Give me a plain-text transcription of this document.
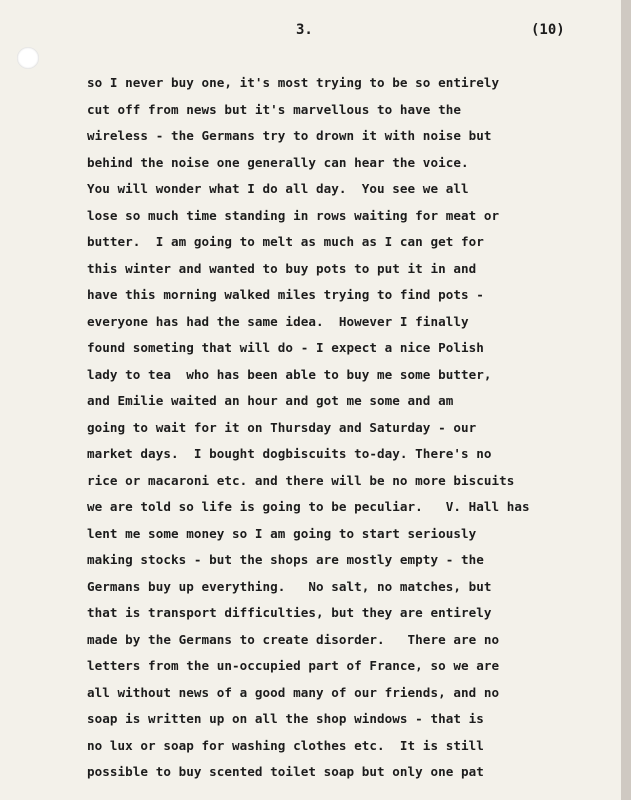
3.	(10)
so I never buy one, it's most trying to be so entirely
cut off from news but it's marvellous to have the
wireless - the Germans try to drown it with noise but
behind the noise one generally can hear the voice.
You will wonder what I do all day.  You see we all
lose so much time standing in rows waiting for meat or
butter.  I am going to melt as much as I can get for
this winter and wanted to buy pots to put it in and
have this morning walked miles trying to find pots -
everyone has had the same idea.  However I finally
found someting that will do - I expect a nice Polish
lady to tea  who has been able to buy me some butter,
and Emilie waited an hour and got me some and am
going to wait for it on Thursday and Saturday - our
market days.  I bought dogbiscuits to-day. There's no
rice or macaroni etc. and there will be no more biscuits
we are told so life is going to be peculiar.   V. Hall has
lent me some money so I am going to start seriously
making stocks - but the shops are mostly empty - the
Germans buy up everything.   No salt, no matches, but
that is transport difficulties, but they are entirely
made by the Germans to create disorder.   There are no
letters from the un-occupied part of France, so we are
all without news of a good many of our friends, and no
soap is written up on all the shop windows - that is
no lux or soap for washing clothes etc.  It is still
possible to buy scented toilet soap but only one pat
